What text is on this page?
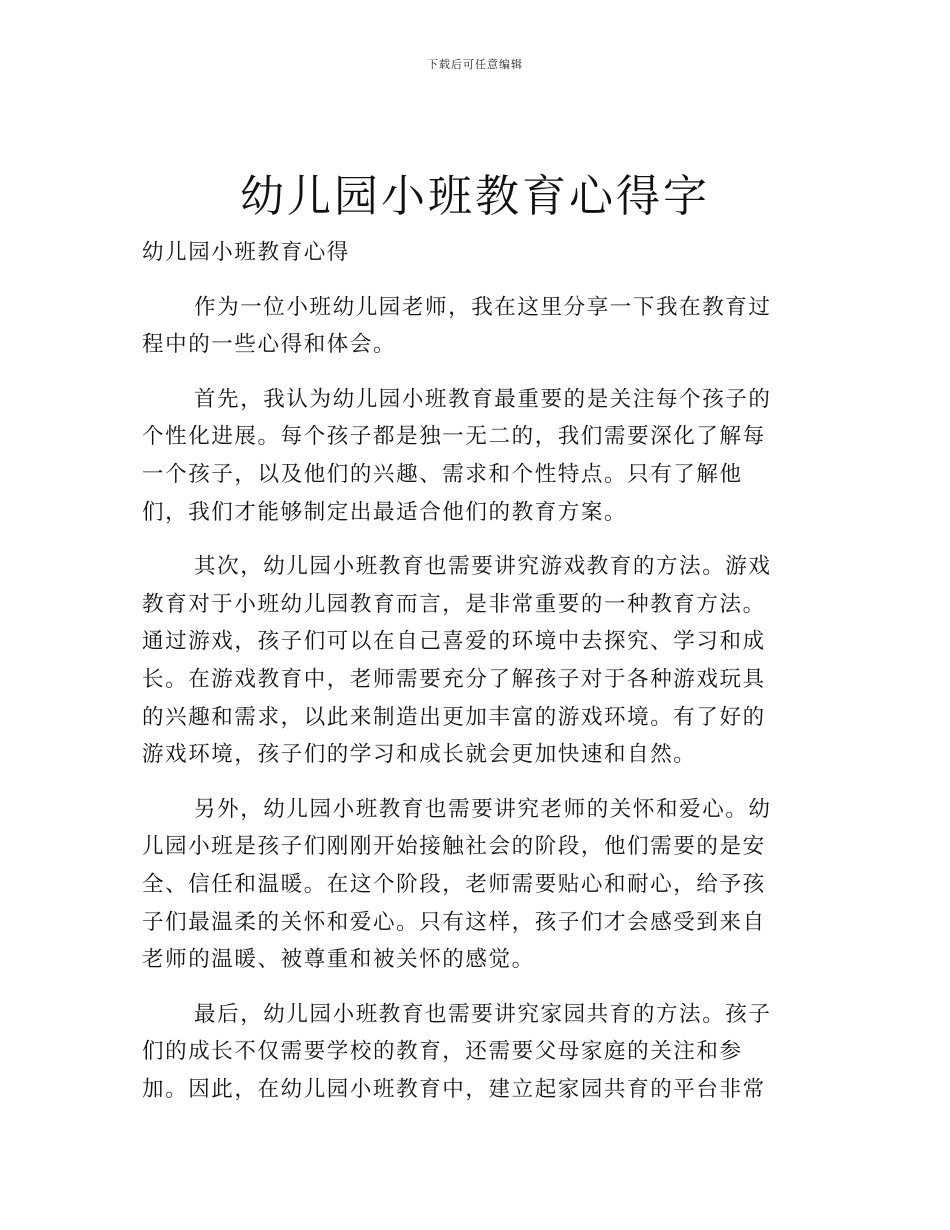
下载后可任意编辑
幼儿园小班教育心得字

幼儿园小班教育心得

作为一位小班幼儿园老师，我在这里分享一下我在教育过
程中的一些心得和体会。

首先，我认为幼儿园小班教育最重要的是关注每个孩子的
个性化进展。每个孩子都是独一无二的，我们需要深化了解每
一个孩子，以及他们的兴趣、需求和个性特点。只有了解他
们，我们才能够制定出最适合他们的教育方案。

其次，幼儿园小班教育也需要讲究游戏教育的方法。游戏
教育对于小班幼儿园教育而言，是非常重要的一种教育方法。
通过游戏，孩子们可以在自己喜爱的环境中去探究、学习和成
长。在游戏教育中，老师需要充分了解孩子对于各种游戏玩具
的兴趣和需求，以此来制造出更加丰富的游戏环境。有了好的
游戏环境，孩子们的学习和成长就会更加快速和自然。

另外，幼儿园小班教育也需要讲究老师的关怀和爱心。幼
儿园小班是孩子们刚刚开始接触社会的阶段，他们需要的是安
全、信任和温暖。在这个阶段，老师需要贴心和耐心，给予孩
子们最温柔的关怀和爱心。只有这样，孩子们才会感受到来自
老师的温暖、被尊重和被关怀的感觉。

最后，幼儿园小班教育也需要讲究家园共育的方法。孩子
们的成长不仅需要学校的教育，还需要父母家庭的关注和参
加。因此，在幼儿园小班教育中，建立起家园共育的平台非常
